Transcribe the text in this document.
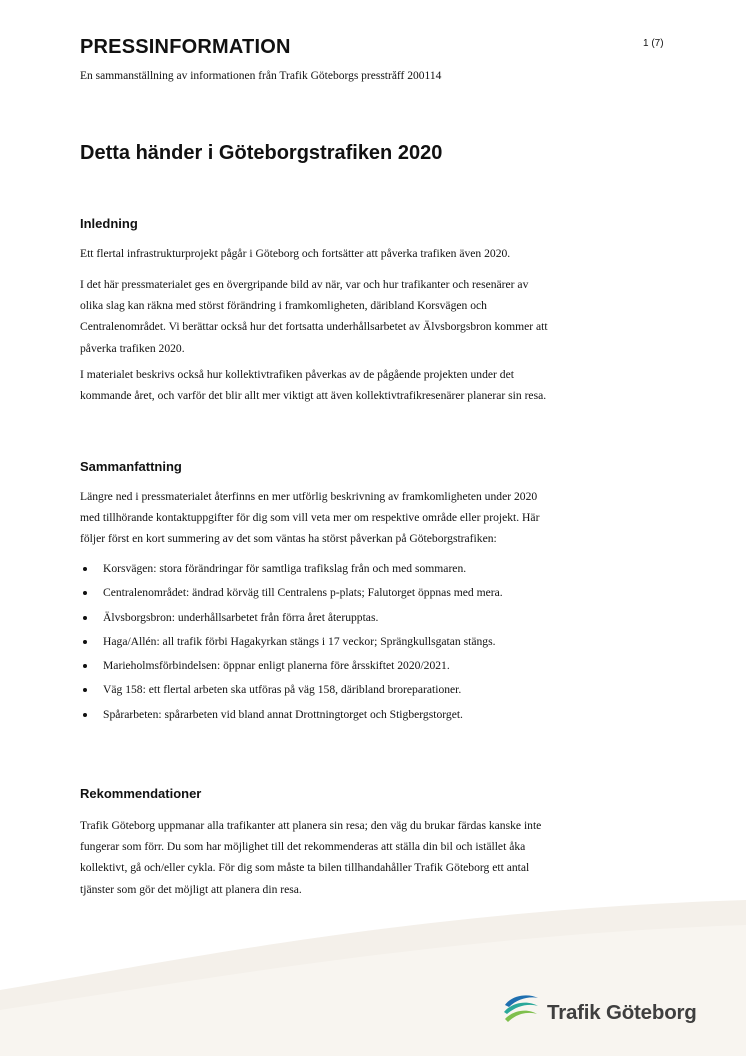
PRESSINFORMATION	1 (7)
En sammanställning av informationen från Trafik Göteborgs presstrăff 200114
Detta händer i Göteborgstrafiken 2020
Inledning
Ett flertal infrastrukturprojekt pågår i Göteborg och fortsätter att påverka trafiken även 2020.
I det här pressmaterialet ges en övergripande bild av när, var och hur trafikanter och resenärer av
olika slag kan räkna med störst förändring i framkomligheten, däribland Korsvägen och
Centralenområdet. Vi berättar också hur det fortsatta underhållsarbetet av Älvsborgsbron kommer att
påverka trafiken 2020.
I materialet beskrivs också hur kollektivtrafiken påverkas av de pågående projekten under det
kommande året, och varför det blir allt mer viktigt att även kollektivtrafikresenärer planerar sin resa.
Sammanfattning
Längre ned i pressmaterialet återfinns en mer utförlig beskrivning av framkomligheten under 2020
med tillhörande kontaktuppgifter för dig som vill veta mer om respektive område eller projekt. Här
följer först en kort summering av det som väntas ha störst påverkan på Göteborgstrafiken:
Korsvägen: stora förändringar för samtliga trafikslag från och med sommaren.
Centralenområdet: ändrad körväg till Centralens p-plats; Falutorget öppnas med mera.
Älvsborgsbron: underhållsarbetet från förra året återupptas.
Haga/Allén: all trafik förbi Hagakyrkan stängs i 17 veckor; Sprängkullsgatan stängs.
Marieholmsförbindelsen: öppnar enligt planerna före årsskiftet 2020/2021.
Väg 158: ett flertal arbeten ska utföras på väg 158, däribland broreparationer.
Spårarbeten: spårarbeten vid bland annat Drottningtorget och Stigbergstorget.
Rekommendationer
Trafik Göteborg uppmanar alla trafikanter att planera sin resa; den väg du brukar färdas kanske inte
fungerar som förr. Du som har möjlighet till det rekommenderas att ställa din bil och istället åka
kollektivt, gå och/eller cykla. För dig som måste ta bilen tillhandahåller Trafik Göteborg ett antal
tjänster som gör det möjligt att planera din resa.
Trafik Göteborg
